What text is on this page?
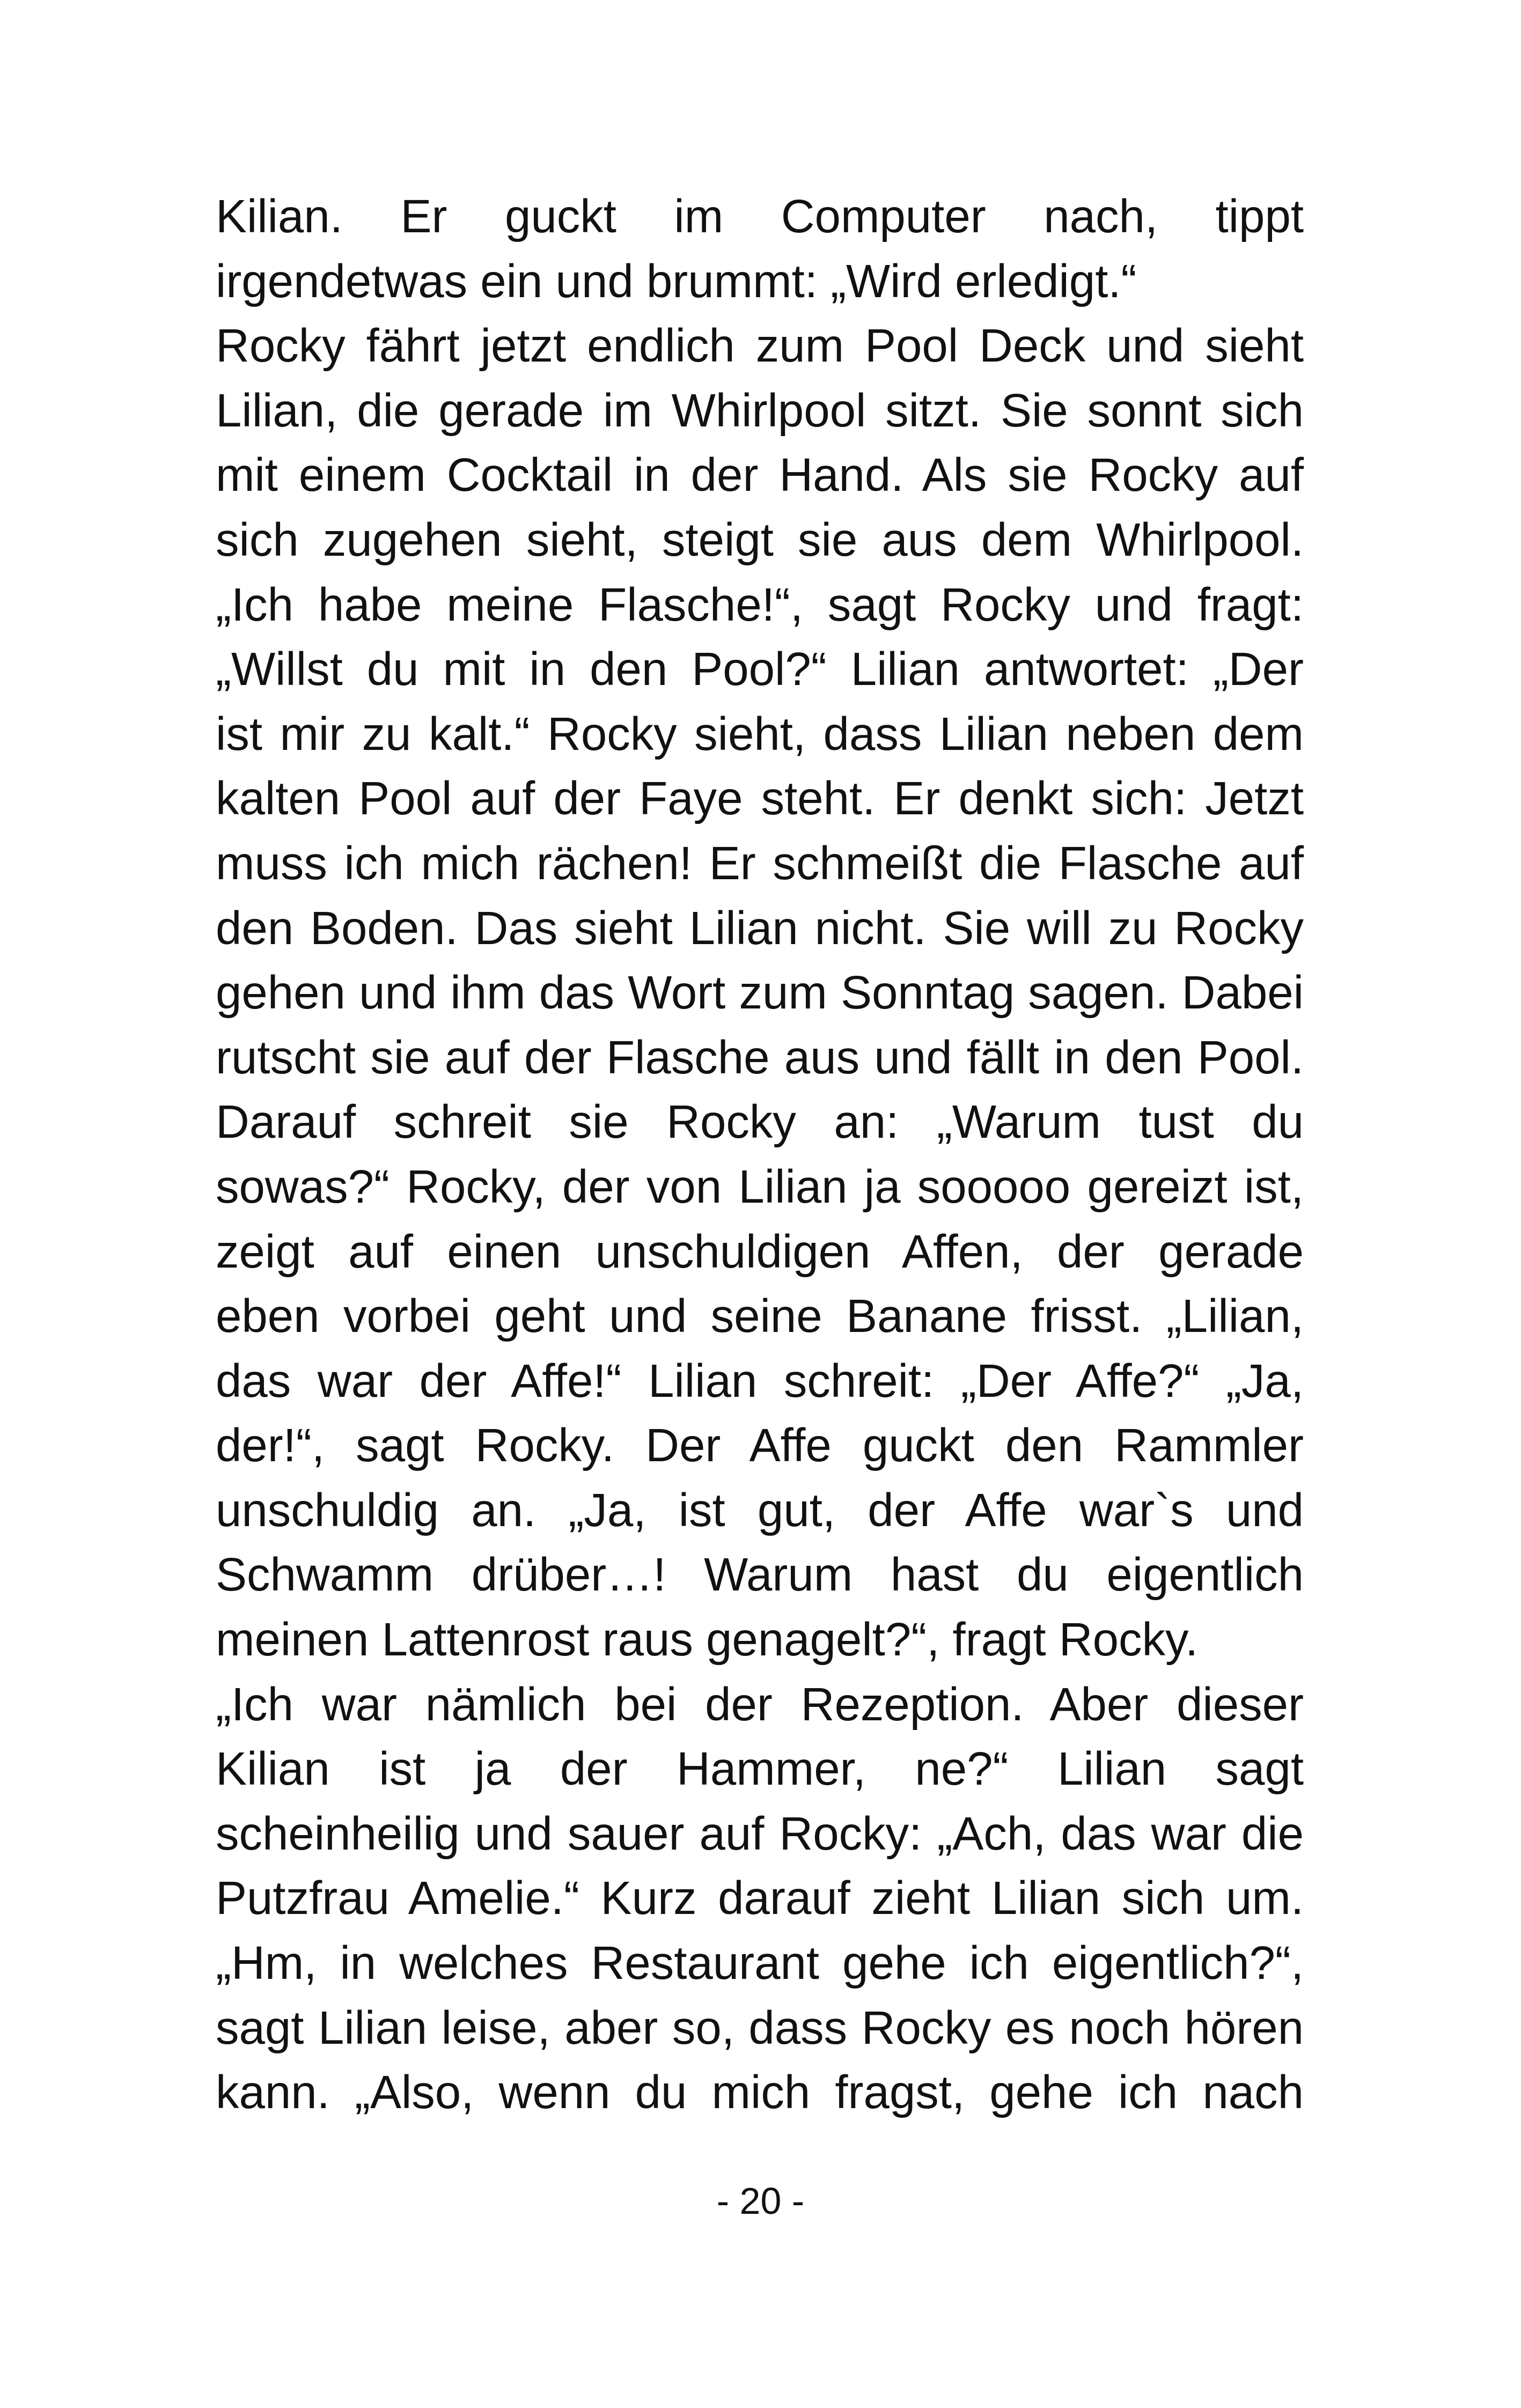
Kilian. Er guckt im Computer nach, tippt
irgendetwas ein und brummt: „Wird erledigt.“
Rocky fährt jetzt endlich zum Pool Deck und sieht
Lilian, die gerade im Whirlpool sitzt. Sie sonnt sich
mit einem Cocktail in der Hand. Als sie Rocky auf
sich zugehen sieht, steigt sie aus dem Whirlpool.
„Ich habe meine Flasche!“, sagt Rocky und fragt:
„Willst du mit in den Pool?“ Lilian antwortet: „Der
ist mir zu kalt.“ Rocky sieht, dass Lilian neben dem
kalten Pool auf der Faye steht. Er denkt sich: Jetzt
muss ich mich rächen! Er schmeißt die Flasche auf
den Boden. Das sieht Lilian nicht. Sie will zu Rocky
gehen und ihm das Wort zum Sonntag sagen. Dabei
rutscht sie auf der Flasche aus und fällt in den Pool.
Darauf schreit sie Rocky an: „Warum tust du
sowas?“ Rocky, der von Lilian ja sooooo gereizt ist,
zeigt auf einen unschuldigen Affen, der gerade
eben vorbei geht und seine Banane frisst. „Lilian,
das war der Affe!“ Lilian schreit: „Der Affe?“ „Ja,
der!“, sagt Rocky. Der Affe guckt den Rammler
unschuldig an. „Ja, ist gut, der Affe war`s und
Schwamm drüber…! Warum hast du eigentlich
meinen Lattenrost raus genagelt?“, fragt Rocky.
„Ich war nämlich bei der Rezeption. Aber dieser
Kilian ist ja der Hammer, ne?“ Lilian sagt
scheinheilig und sauer auf Rocky: „Ach, das war die
Putzfrau Amelie.“ Kurz darauf zieht Lilian sich um.
„Hm, in welches Restaurant gehe ich eigentlich?“,
sagt Lilian leise, aber so, dass Rocky es noch hören
kann. „Also, wenn du mich fragst, gehe ich nach
- 20 -
